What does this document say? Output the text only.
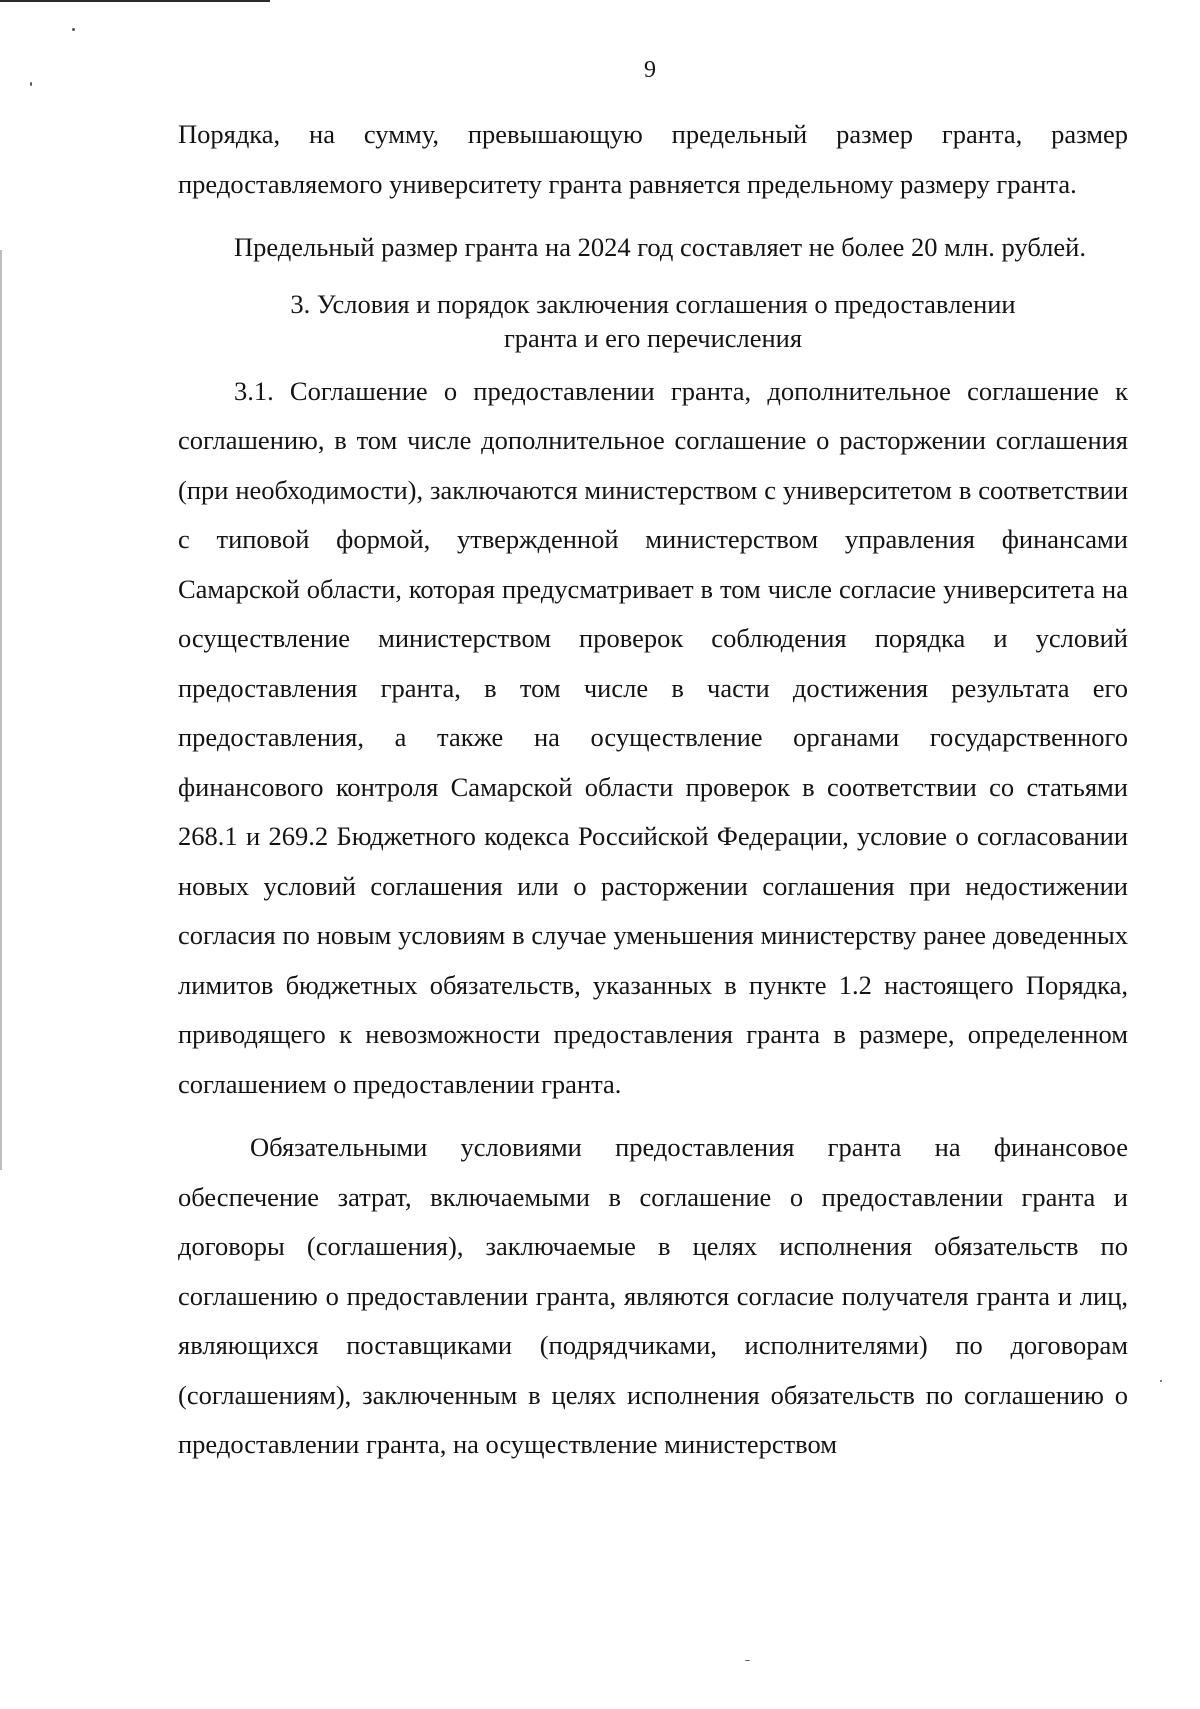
9

Порядка, на сумму, превышающую предельный размер гранта, размер предоставляемого университету гранта равняется предельному размеру гранта.

Предельный размер гранта на 2024 год составляет не более 20 млн. рублей.

3. Условия и порядок заключения соглашения о предоставлении
гранта и его перечисления

3.1. Соглашение о предоставлении гранта, дополнительное соглашение к соглашению, в том числе дополнительное соглашение о расторжении соглашения (при необходимости), заключаются министерством с университетом в соответствии с типовой формой, утвержденной министерством управления финансами Самарской области, которая предусматривает в том числе согласие университета на осуществление министерством проверок соблюдения порядка и условий предоставления гранта, в том числе в части достижения результата его предоставления, а также на осуществление органами государственного финансового контроля Самарской области проверок в соответствии со статьями 268.1 и 269.2 Бюджетного кодекса Российской Федерации, условие о согласовании новых условий соглашения или о расторжении соглашения при недостижении согласия по новым условиям в случае уменьшения министерству ранее доведенных лимитов бюджетных обязательств, указанных в пункте 1.2 настоящего Порядка, приводящего к невозможности предоставления гранта в размере, определенном соглашением о предоставлении гранта.

Обязательными условиями предоставления гранта на финансовое обеспечение затрат, включаемыми в соглашение о предоставлении гранта и договоры (соглашения), заключаемые в целях исполнения обязательств по соглашению о предоставлении гранта, являются согласие получателя гранта и лиц, являющихся поставщиками (подрядчиками, исполнителями) по договорам (соглашениям), заключенным в целях исполнения обязательств по соглашению о предоставлении гранта, на осуществление министерством
